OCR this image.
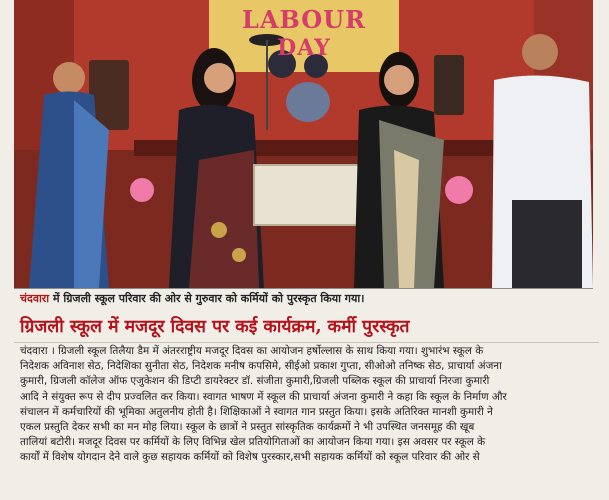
LABOUR
DAY
चंदवारा में ग्रिजली स्कूल परिवार की ओर से गुरुवार को कर्मियों को पुरस्कृत किया गया।
ग्रिजली स्कूल में मजदूर दिवस पर कई कार्यक्रम, कर्मी पुरस्कृत
चंदवारा । ग्रिजली स्कूल तिलैया डैम में अंतरराष्ट्रीय मजदूर दिवस का आयोजन हर्षोल्लास के साथ किया गया। शुभारंभ स्कूल के
निदेशक अविनाश सेठ, निदेशिका सुनीता सेठ, निदेशक मनीष कपसिमे, सीईओ प्रकाश गुप्ता, सीओओ तनिष्क सेठ, प्राचार्या अंजना
कुमारी, ग्रिजली कॉलेज ऑफ एजुकेशन की डिप्टी डायरेक्टर डॉ. संजीता कुमारी,ग्रिजली पब्लिक स्कूल की प्राचार्या निरजा कुमारी
आदि ने संयुक्त रूप से दीप प्रज्वलित कर किया। स्वागत भाषण में स्कूल की प्राचार्या अंजना कुमारी ने कहा कि स्कूल के निर्माण और
संचालन में कर्मचारियों की भूमिका अतुलनीय होती है। शिक्षिकाओं ने स्वागत गान प्रस्तुत किया। इसके अतिरिक्त मानशी कुमारी ने
एकल प्रस्तुति देकर सभी का मन मोह लिया। स्कूल के छात्रों ने प्रस्तुत सांस्कृतिक कार्यक्रमों ने भी उपस्थित जनसमूह की खूब
तालियां बटोरी। मजदूर दिवस पर कर्मियों के लिए विभिन्न खेल प्रतियोगिताओं का आयोजन किया गया। इस अवसर पर स्कूल के
कार्यों में विशेष योगदान देने वाले कुछ सहायक कर्मियों को विशेष पुरस्कार,सभी सहायक कर्मियों को स्कूल परिवार की ओर से
